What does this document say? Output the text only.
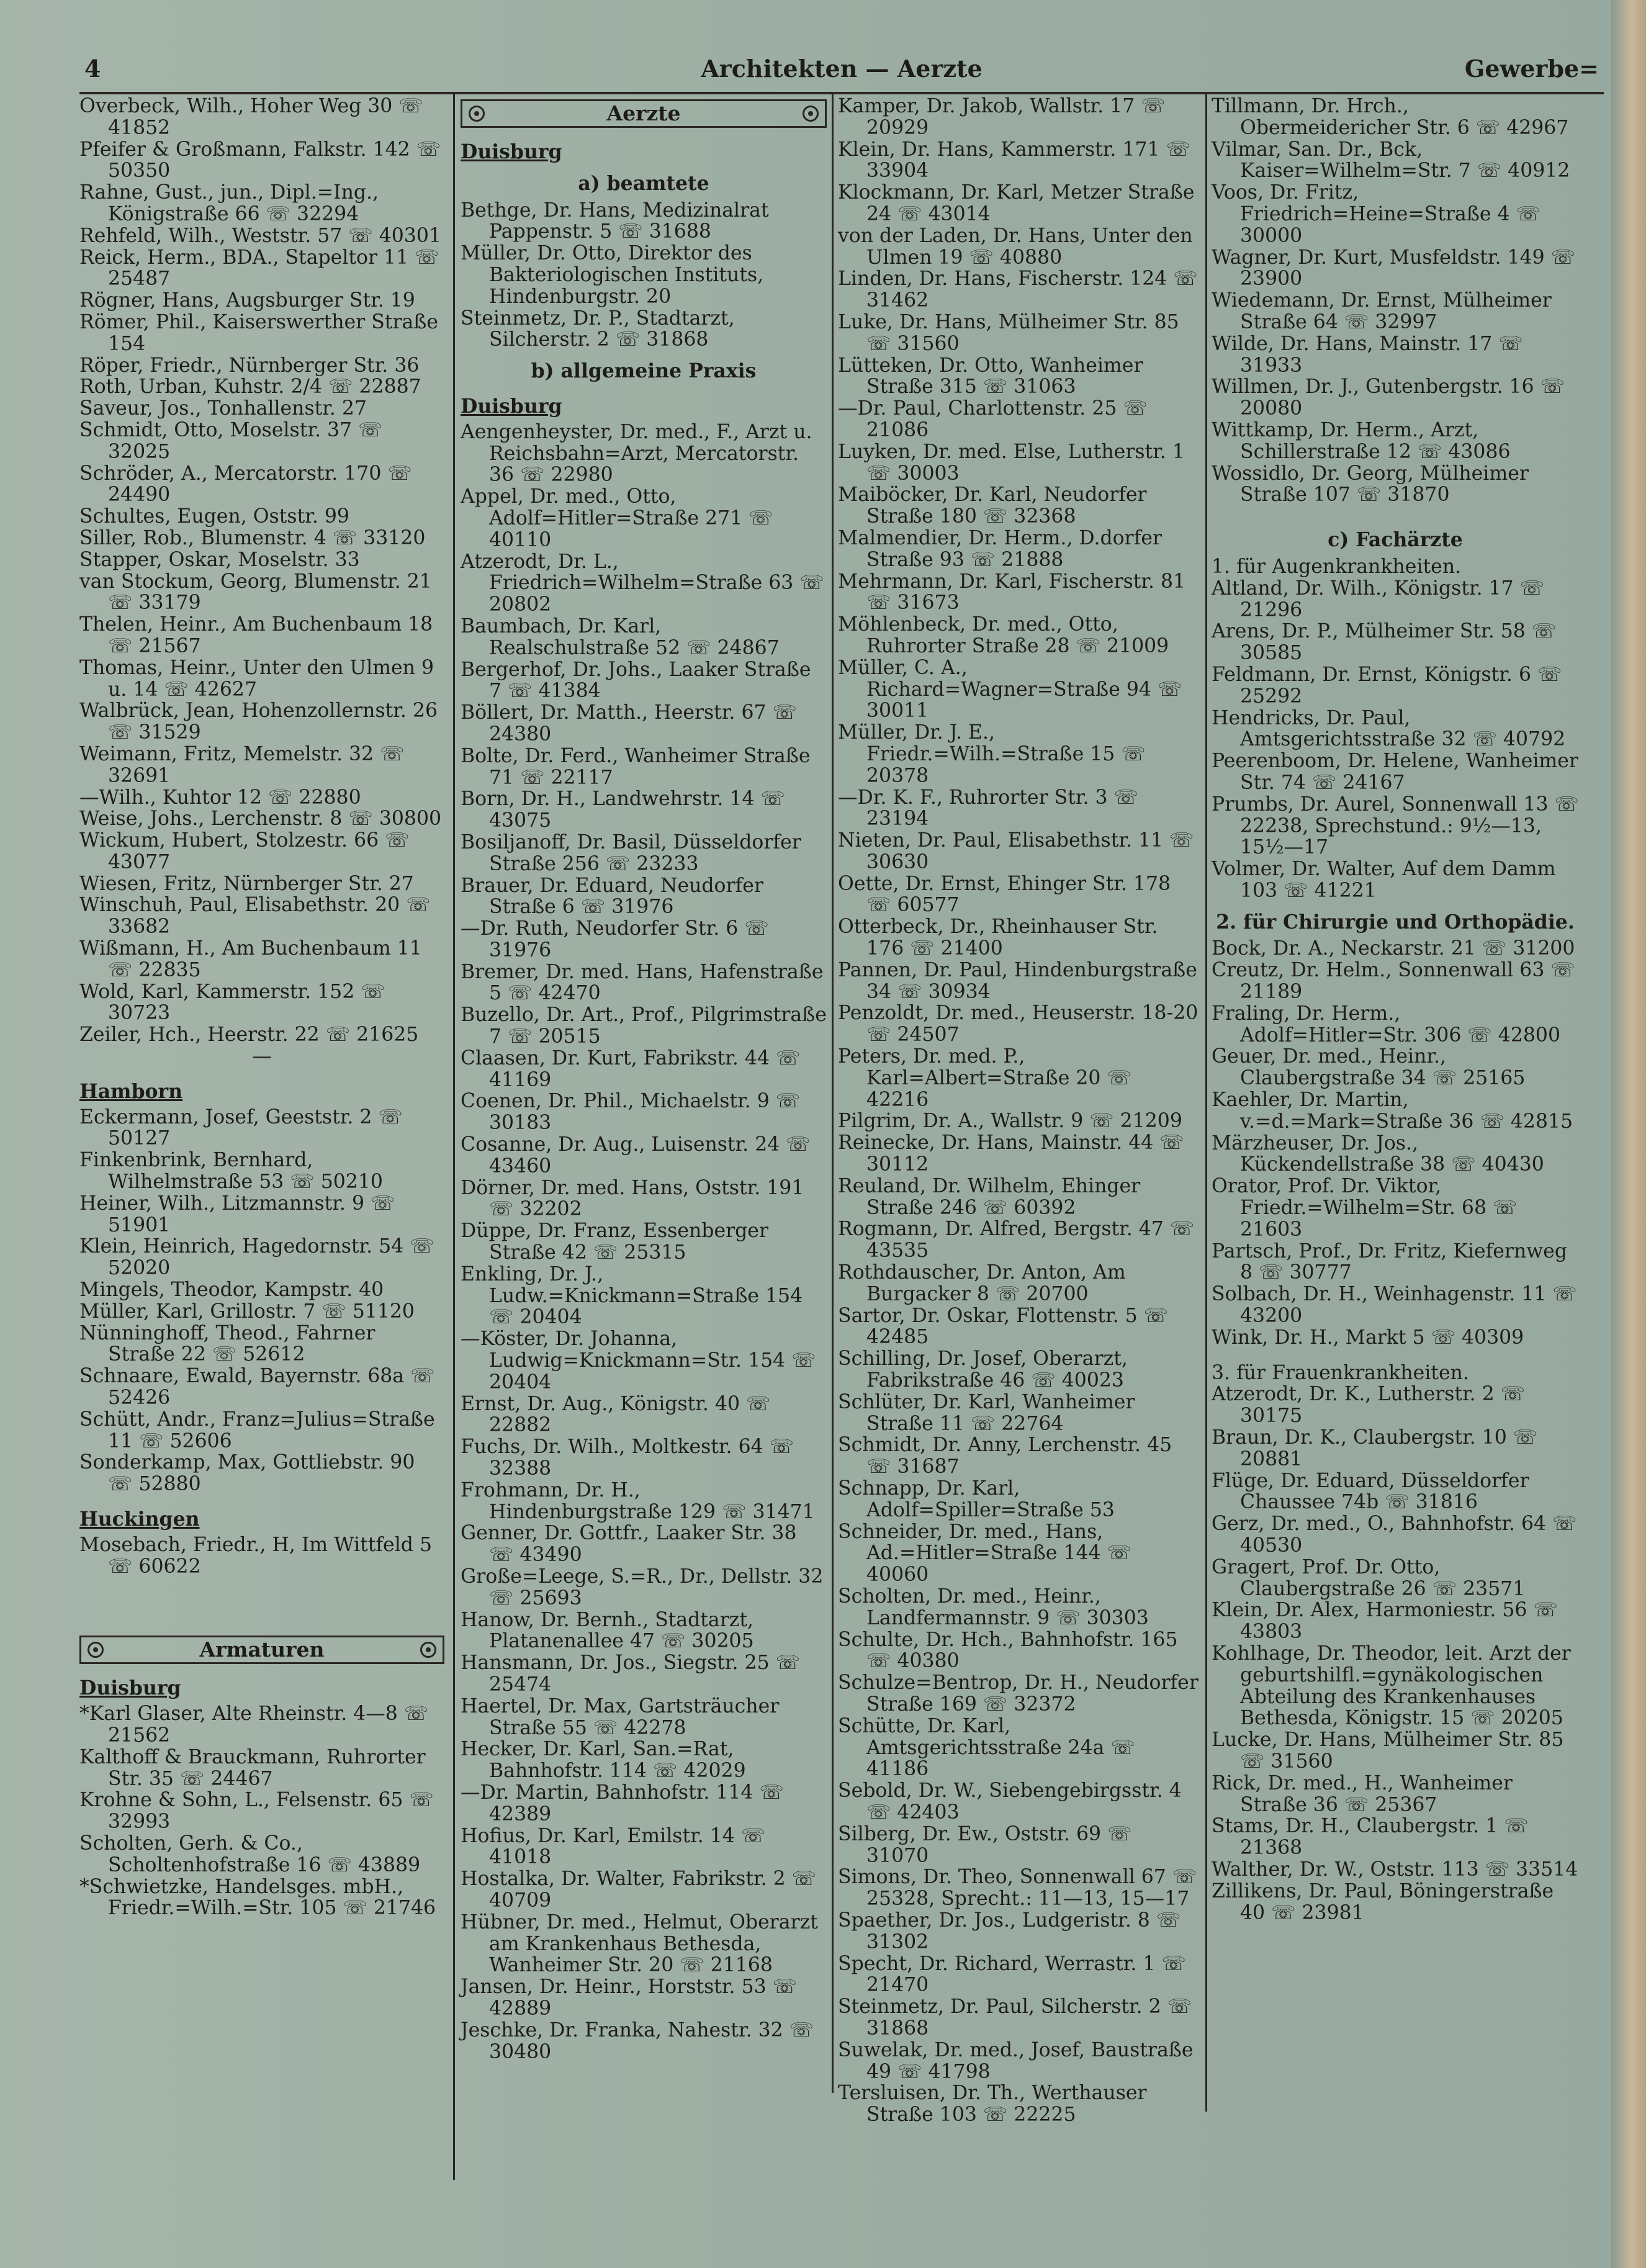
4	Architekten — Aerzte	Gewerbe=

Overbeck, Wilh., Hoher Weg 30 ☏ 41852

Pfeifer & Großmann, Falkstr. 142 ☏ 50350

Rahne, Gust., jun., Dipl.=Ing., Königstraße 66 ☏ 32294

Rehfeld, Wilh., Weststr. 57 ☏ 40301

Reick, Herm., BDA., Stapeltor 11 ☏ 25487

Rögner, Hans, Augsburger Str. 19

Römer, Phil., Kaiserswerther Straße 154

Röper, Friedr., Nürnberger Str. 36

Roth, Urban, Kuhstr. 2/4 ☏ 22887

Saveur, Jos., Tonhallenstr. 27

Schmidt, Otto, Moselstr. 37 ☏ 32025

Schröder, A., Mercatorstr. 170 ☏ 24490

Schultes, Eugen, Oststr. 99

Siller, Rob., Blumenstr. 4 ☏ 33120

Stapper, Oskar, Moselstr. 33

van Stockum, Georg, Blumenstr. 21 ☏ 33179

Thelen, Heinr., Am Buchenbaum 18 ☏ 21567

Thomas, Heinr., Unter den Ulmen 9 u. 14 ☏ 42627

Walbrück, Jean, Hohenzollernstr. 26 ☏ 31529

Weimann, Fritz, Memelstr. 32 ☏ 32691

—Wilh., Kuhtor 12 ☏ 22880

Weise, Johs., Lerchenstr. 8 ☏ 30800

Wickum, Hubert, Stolzestr. 66 ☏ 43077

Wiesen, Fritz, Nürnberger Str. 27

Winschuh, Paul, Elisabethstr. 20 ☏ 33682

Wißmann, H., Am Buchenbaum 11 ☏ 22835

Wold, Karl, Kammerstr. 152 ☏ 30723

Zeiler, Hch., Heerstr. 22 ☏ 21625

—

Hamborn

Eckermann, Josef, Geeststr. 2 ☏ 50127

Finkenbrink, Bernhard, Wilhelmstraße 53 ☏ 50210

Heiner, Wilh., Litzmannstr. 9 ☏ 51901

Klein, Heinrich, Hagedornstr. 54 ☏ 52020

Mingels, Theodor, Kampstr. 40

Müller, Karl, Grillostr. 7 ☏ 51120

Nünninghoff, Theod., Fahrner Straße 22 ☏ 52612

Schnaare, Ewald, Bayernstr. 68a ☏ 52426

Schütt, Andr., Franz=Julius=Straße 11 ☏ 52606

Sonderkamp, Max, Gottliebstr. 90 ☏ 52880

Huckingen

Mosebach, Friedr., H, Im Wittfeld 5 ☏ 60622

Armaturen

Duisburg

*Karl Glaser, Alte Rheinstr. 4—8 ☏ 21562

Kalthoff & Brauckmann, Ruhrorter Str. 35 ☏ 24467

Krohne & Sohn, L., Felsenstr. 65 ☏ 32993

Scholten, Gerh. & Co., Scholtenhofstraße 16 ☏ 43889

*Schwietzke, Handelsges. mbH., Friedr.=Wilh.=Str. 105 ☏ 21746

Aerzte

Duisburg

a) beamtete

Bethge, Dr. Hans, Medizinalrat Pappenstr. 5 ☏ 31688

Müller, Dr. Otto, Direktor des Bakteriologischen Instituts, Hindenburgstr. 20

Steinmetz, Dr. P., Stadtarzt, Silcherstr. 2 ☏ 31868

b) allgemeine Praxis

Duisburg

Aengenheyster, Dr. med., F., Arzt u. Reichsbahn=Arzt, Mercatorstr. 36 ☏ 22980

Appel, Dr. med., Otto, Adolf=Hitler=Straße 271 ☏ 40110

Atzerodt, Dr. L., Friedrich=Wilhelm=Straße 63 ☏ 20802

Baumbach, Dr. Karl, Realschulstraße 52 ☏ 24867

Bergerhof, Dr. Johs., Laaker Straße 7 ☏ 41384

Böllert, Dr. Matth., Heerstr. 67 ☏ 24380

Bolte, Dr. Ferd., Wanheimer Straße 71 ☏ 22117

Born, Dr. H., Landwehrstr. 14 ☏ 43075

Bosiljanoff, Dr. Basil, Düsseldorfer Straße 256 ☏ 23233

Brauer, Dr. Eduard, Neudorfer Straße 6 ☏ 31976

—Dr. Ruth, Neudorfer Str. 6 ☏ 31976

Bremer, Dr. med. Hans, Hafenstraße 5 ☏ 42470

Buzello, Dr. Art., Prof., Pilgrimstraße 7 ☏ 20515

Claasen, Dr. Kurt, Fabrikstr. 44 ☏ 41169

Coenen, Dr. Phil., Michaelstr. 9 ☏ 30183

Cosanne, Dr. Aug., Luisenstr. 24 ☏ 43460

Dörner, Dr. med. Hans, Oststr. 191 ☏ 32202

Düppe, Dr. Franz, Essenberger Straße 42 ☏ 25315

Enkling, Dr. J., Ludw.=Knickmann=Straße 154 ☏ 20404

—Köster, Dr. Johanna, Ludwig=Knickmann=Str. 154 ☏ 20404

Ernst, Dr. Aug., Königstr. 40 ☏ 22882

Fuchs, Dr. Wilh., Moltkestr. 64 ☏ 32388

Frohmann, Dr. H., Hindenburgstraße 129 ☏ 31471

Genner, Dr. Gottfr., Laaker Str. 38 ☏ 43490

Große=Leege, S.=R., Dr., Dellstr. 32 ☏ 25693

Hanow, Dr. Bernh., Stadtarzt, Platanenallee 47 ☏ 30205

Hansmann, Dr. Jos., Siegstr. 25 ☏ 25474

Haertel, Dr. Max, Gartsträucher Straße 55 ☏ 42278

Hecker, Dr. Karl, San.=Rat, Bahnhofstr. 114 ☏ 42029

—Dr. Martin, Bahnhofstr. 114 ☏ 42389

Hofius, Dr. Karl, Emilstr. 14 ☏ 41018

Hostalka, Dr. Walter, Fabrikstr. 2 ☏ 40709

Hübner, Dr. med., Helmut, Oberarzt am Krankenhaus Bethesda, Wanheimer Str. 20 ☏ 21168

Jansen, Dr. Heinr., Horststr. 53 ☏ 42889

Jeschke, Dr. Franka, Nahestr. 32 ☏ 30480

Kamper, Dr. Jakob, Wallstr. 17 ☏ 20929

Klein, Dr. Hans, Kammerstr. 171 ☏ 33904

Klockmann, Dr. Karl, Metzer Straße 24 ☏ 43014

von der Laden, Dr. Hans, Unter den Ulmen 19 ☏ 40880

Linden, Dr. Hans, Fischerstr. 124 ☏ 31462

Luke, Dr. Hans, Mülheimer Str. 85 ☏ 31560

Lütteken, Dr. Otto, Wanheimer Straße 315 ☏ 31063

—Dr. Paul, Charlottenstr. 25 ☏ 21086

Luyken, Dr. med. Else, Lutherstr. 1 ☏ 30003

Maiböcker, Dr. Karl, Neudorfer Straße 180 ☏ 32368

Malmendier, Dr. Herm., D.dorfer Straße 93 ☏ 21888

Mehrmann, Dr. Karl, Fischerstr. 81 ☏ 31673

Möhlenbeck, Dr. med., Otto, Ruhrorter Straße 28 ☏ 21009

Müller, C. A., Richard=Wagner=Straße 94 ☏ 30011

Müller, Dr. J. E., Friedr.=Wilh.=Straße 15 ☏ 20378

—Dr. K. F., Ruhrorter Str. 3 ☏ 23194

Nieten, Dr. Paul, Elisabethstr. 11 ☏ 30630

Oette, Dr. Ernst, Ehinger Str. 178 ☏ 60577

Otterbeck, Dr., Rheinhauser Str. 176 ☏ 21400

Pannen, Dr. Paul, Hindenburgstraße 34 ☏ 30934

Penzoldt, Dr. med., Heuserstr. 18-20 ☏ 24507

Peters, Dr. med. P., Karl=Albert=Straße 20 ☏ 42216

Pilgrim, Dr. A., Wallstr. 9 ☏ 21209

Reinecke, Dr. Hans, Mainstr. 44 ☏ 30112

Reuland, Dr. Wilhelm, Ehinger Straße 246 ☏ 60392

Rogmann, Dr. Alfred, Bergstr. 47 ☏ 43535

Rothdauscher, Dr. Anton, Am Burgacker 8 ☏ 20700

Sartor, Dr. Oskar, Flottenstr. 5 ☏ 42485

Schilling, Dr. Josef, Oberarzt, Fabrikstraße 46 ☏ 40023

Schlüter, Dr. Karl, Wanheimer Straße 11 ☏ 22764

Schmidt, Dr. Anny, Lerchenstr. 45 ☏ 31687

Schnapp, Dr. Karl, Adolf=Spiller=Straße 53

Schneider, Dr. med., Hans, Ad.=Hitler=Straße 144 ☏ 40060

Scholten, Dr. med., Heinr., Landfermannstr. 9 ☏ 30303

Schulte, Dr. Hch., Bahnhofstr. 165 ☏ 40380

Schulze=Bentrop, Dr. H., Neudorfer Straße 169 ☏ 32372

Schütte, Dr. Karl, Amtsgerichtsstraße 24a ☏ 41186

Sebold, Dr. W., Siebengebirgsstr. 4 ☏ 42403

Silberg, Dr. Ew., Oststr. 69 ☏ 31070

Simons, Dr. Theo, Sonnenwall 67 ☏ 25328, Sprecht.: 11—13, 15—17

Spaether, Dr. Jos., Ludgeristr. 8 ☏ 31302

Specht, Dr. Richard, Werrastr. 1 ☏ 21470

Steinmetz, Dr. Paul, Silcherstr. 2 ☏ 31868

Suwelak, Dr. med., Josef, Baustraße 49 ☏ 41798

Tersluisen, Dr. Th., Werthauser Straße 103 ☏ 22225

Tillmann, Dr. Hrch., Obermeidericher Str. 6 ☏ 42967

Vilmar, San. Dr., Bck, Kaiser=Wilhelm=Str. 7 ☏ 40912

Voos, Dr. Fritz, Friedrich=Heine=Straße 4 ☏ 30000

Wagner, Dr. Kurt, Musfeldstr. 149 ☏ 23900

Wiedemann, Dr. Ernst, Mülheimer Straße 64 ☏ 32997

Wilde, Dr. Hans, Mainstr. 17 ☏ 31933

Willmen, Dr. J., Gutenbergstr. 16 ☏ 20080

Wittkamp, Dr. Herm., Arzt, Schillerstraße 12 ☏ 43086

Wossidlo, Dr. Georg, Mülheimer Straße 107 ☏ 31870

c) Fachärzte

1. für Augenkrankheiten.

Altland, Dr. Wilh., Königstr. 17 ☏ 21296

Arens, Dr. P., Mülheimer Str. 58 ☏ 30585

Feldmann, Dr. Ernst, Königstr. 6 ☏ 25292

Hendricks, Dr. Paul, Amtsgerichtsstraße 32 ☏ 40792

Peerenboom, Dr. Helene, Wanheimer Str. 74 ☏ 24167

Prumbs, Dr. Aurel, Sonnenwall 13 ☏ 22238, Sprechstund.: 9½—13, 15½—17

Volmer, Dr. Walter, Auf dem Damm 103 ☏ 41221

2. für Chirurgie und Orthopädie.

Bock, Dr. A., Neckarstr. 21 ☏ 31200

Creutz, Dr. Helm., Sonnenwall 63 ☏ 21189

Fraling, Dr. Herm., Adolf=Hitler=Str. 306 ☏ 42800

Geuer, Dr. med., Heinr., Claubergstraße 34 ☏ 25165

Kaehler, Dr. Martin, v.=d.=Mark=Straße 36 ☏ 42815

Märzheuser, Dr. Jos., Kückendellstraße 38 ☏ 40430

Orator, Prof. Dr. Viktor, Friedr.=Wilhelm=Str. 68 ☏ 21603

Partsch, Prof., Dr. Fritz, Kiefernweg 8 ☏ 30777

Solbach, Dr. H., Weinhagenstr. 11 ☏ 43200

Wink, Dr. H., Markt 5 ☏ 40309

3. für Frauenkrankheiten.

Atzerodt, Dr. K., Lutherstr. 2 ☏ 30175

Braun, Dr. K., Claubergstr. 10 ☏ 20881

Flüge, Dr. Eduard, Düsseldorfer Chaussee 74b ☏ 31816

Gerz, Dr. med., O., Bahnhofstr. 64 ☏ 40530

Gragert, Prof. Dr. Otto, Claubergstraße 26 ☏ 23571

Klein, Dr. Alex, Harmoniestr. 56 ☏ 43803

Kohlhage, Dr. Theodor, leit. Arzt der geburtshilfl.=gynäkologischen Abteilung des Krankenhauses Bethesda, Königstr. 15 ☏ 20205

Lucke, Dr. Hans, Mülheimer Str. 85 ☏ 31560

Rick, Dr. med., H., Wanheimer Straße 36 ☏ 25367

Stams, Dr. H., Claubergstr. 1 ☏ 21368

Walther, Dr. W., Oststr. 113 ☏ 33514

Zillikens, Dr. Paul, Böningerstraße 40 ☏ 23981
